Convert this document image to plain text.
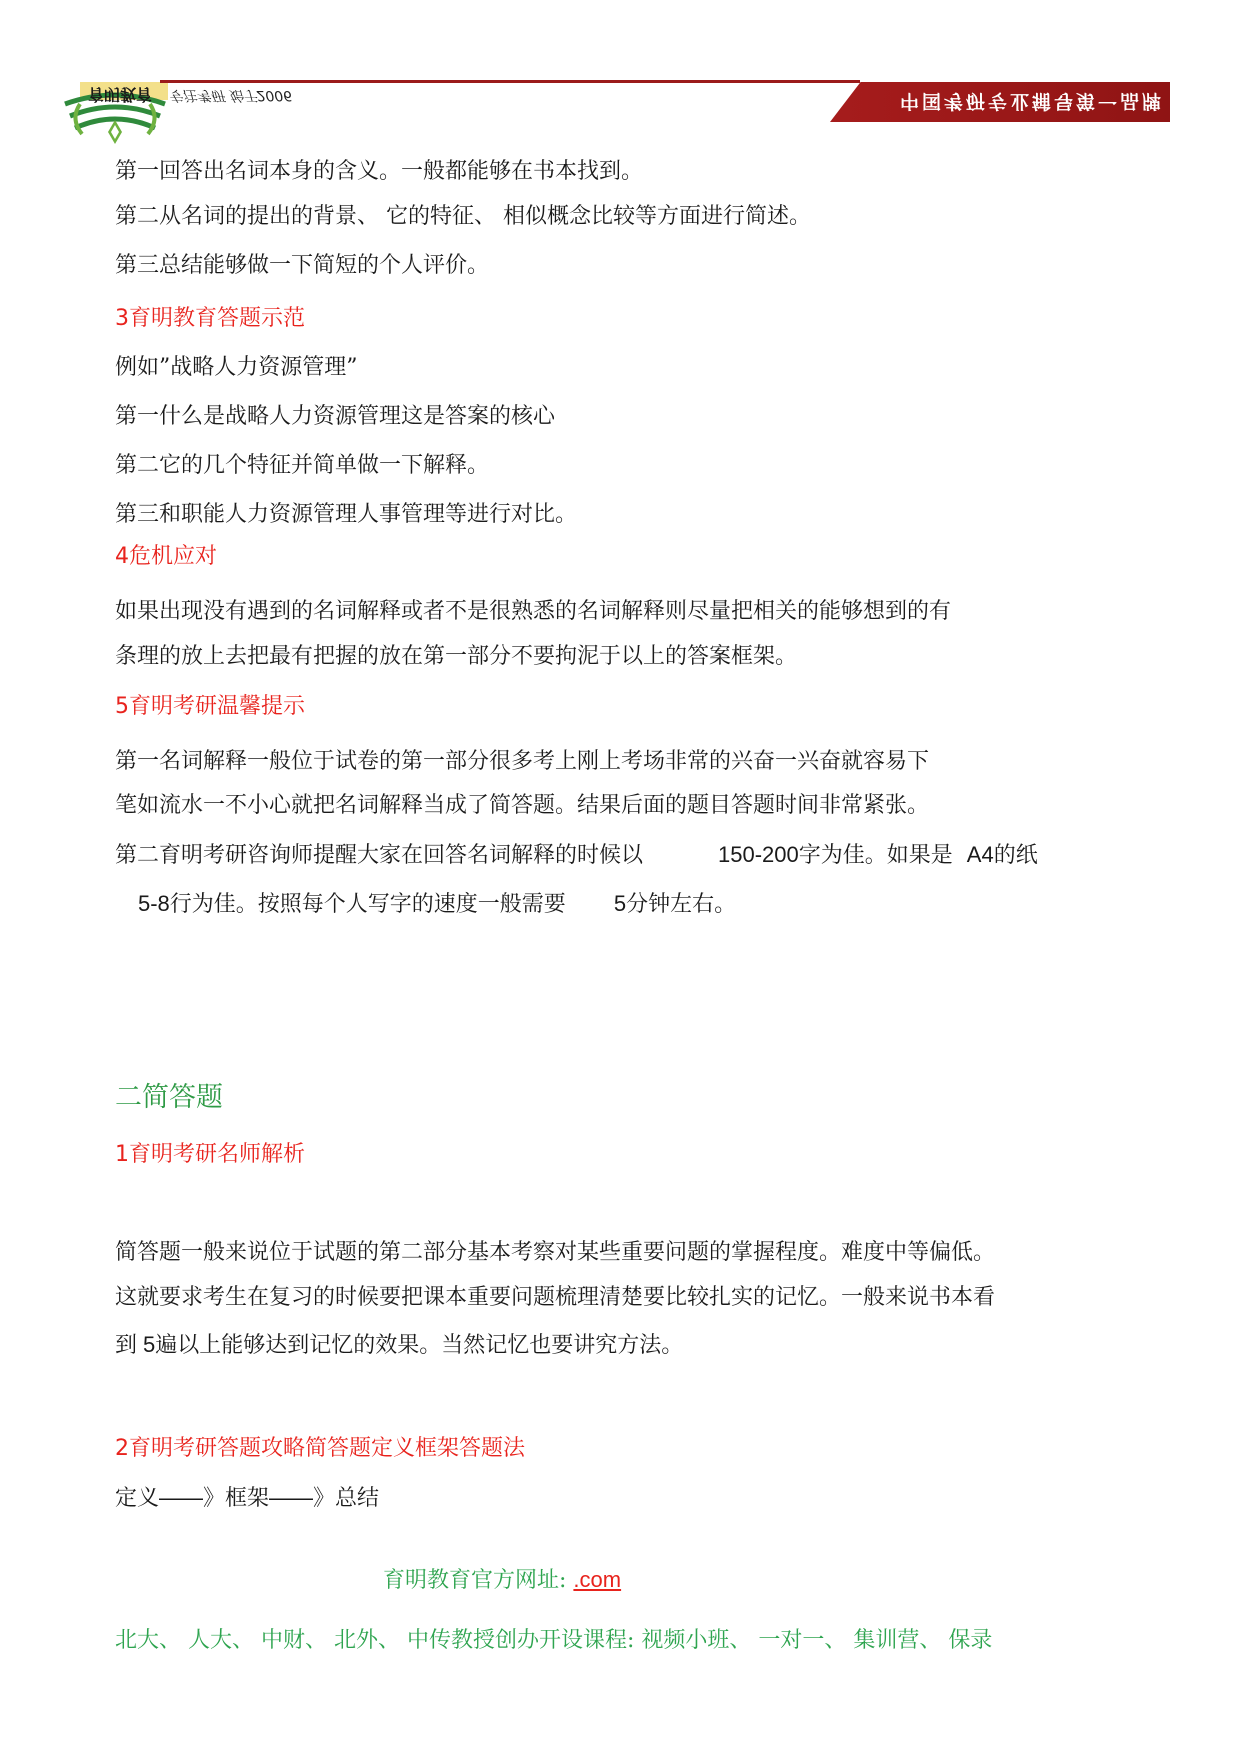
育明教育 专注考研 始于2006	中国考研专业辅导第一品牌
第一回答出名词本身的含义。一般都能够在书本找到。
第二从名词的提出的背景、 它的特征、 相似概念比较等方面进行简述。
第三总结能够做一下简短的个人评价。
3育明教育答题示范
例如”战略人力资源管理”
第一什么是战略人力资源管理这是答案的核心
第二它的几个特征并简单做一下解释。
第三和职能人力资源管理人事管理等进行对比。
4危机应对
如果出现没有遇到的名词解释或者不是很熟悉的名词解释则尽量把相关的能够想到的有
条理的放上去把最有把握的放在第一部分不要拘泥于以上的答案框架。
5育明考研温馨提示
第一名词解释一般位于试卷的第一部分很多考上刚上考场非常的兴奋一兴奋就容易下
笔如流水一不小心就把名词解释当成了简答题。结果后面的题目答题时间非常紧张。
第二育明考研咨询师提醒大家在回答名词解释的时候以	150-200字为佳。如果是 A4的纸
5-8行为佳。按照每个人写字的速度一般需要 5分钟左右。
二简答题
1育明考研名师解析
简答题一般来说位于试题的第二部分基本考察对某些重要问题的掌握程度。难度中等偏低。
这就要求考生在复习的时候要把课本重要问题梳理清楚要比较扎实的记忆。一般来说书本看
到 5遍以上能够达到记忆的效果。当然记忆也要讲究方法。
2育明考研答题攻略简答题定义框架答题法
定义——》框架——》总结
育明教育官方网址: .com
北大、 人大、 中财、 北外、 中传教授创办开设课程: 视频小班、 一对一、 集训营、 保录
